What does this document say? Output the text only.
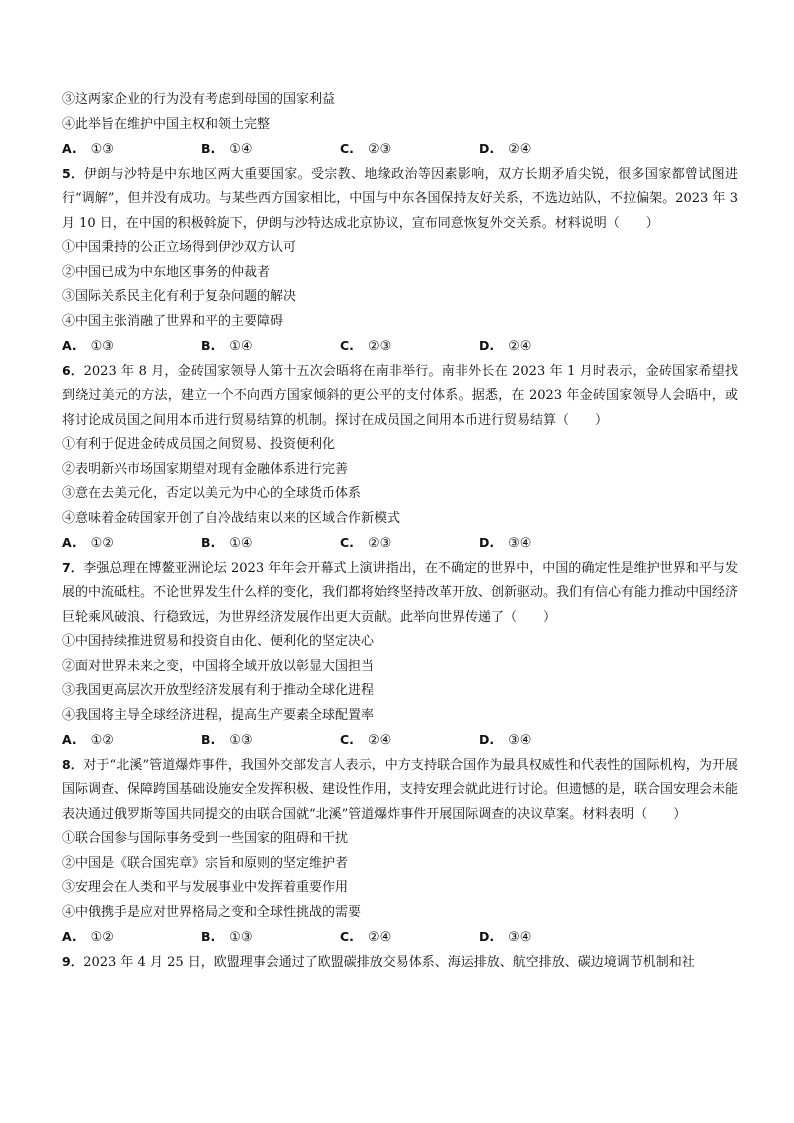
③这两家企业的行为没有考虑到母国的国家利益
④此举旨在维护中国主权和领土完整
A. ①③	B. ①④	C. ②③	D. ②④
5．伊朗与沙特是中东地区两大重要国家。受宗教、地缘政治等因素影响，双方长期矛盾尖锐，很多国家都曾试图进行“调解”，但并没有成功。与某些西方国家相比，中国与中东各国保持友好关系，不选边站队，不拉偏架。2023 年 3 月 10 日，在中国的积极斡旋下，伊朗与沙特达成北京协议，宣布同意恢复外交关系。材料说明（　　）
①中国秉持的公正立场得到伊沙双方认可
②中国已成为中东地区事务的仲裁者
③国际关系民主化有利于复杂问题的解决
④中国主张消融了世界和平的主要障碍
A. ①③	B. ①④	C. ②③	D. ②④
6．2023 年 8 月，金砖国家领导人第十五次会晤将在南非举行。南非外长在 2023 年 1 月时表示，金砖国家希望找到绕过美元的方法，建立一个不向西方国家倾斜的更公平的支付体系。据悉，在 2023 年金砖国家领导人会晤中，或将讨论成员国之间用本币进行贸易结算的机制。探讨在成员国之间用本币进行贸易结算（　　）
①有利于促进金砖成员国之间贸易、投资便利化
②表明新兴市场国家期望对现有金融体系进行完善
③意在去美元化，否定以美元为中心的全球货币体系
④意味着金砖国家开创了自冷战结束以来的区域合作新模式
A. ①②	B. ①④	C. ②③	D. ③④
7．李强总理在博鳌亚洲论坛 2023 年年会开幕式上演讲指出，在不确定的世界中，中国的确定性是维护世界和平与发展的中流砥柱。不论世界发生什么样的变化，我们都将始终坚持改革开放、创新驱动。我们有信心有能力推动中国经济巨轮乘风破浪、行稳致远，为世界经济发展作出更大贡献。此举向世界传递了（　　）
①中国持续推进贸易和投资自由化、便利化的坚定决心
②面对世界未来之变，中国将全域开放以彰显大国担当
③我国更高层次开放型经济发展有利于推动全球化进程
④我国将主导全球经济进程，提高生产要素全球配置率
A. ①②	B. ①③	C. ②④	D. ③④
8．对于“北溪”管道爆炸事件，我国外交部发言人表示，中方支持联合国作为最具权威性和代表性的国际机构，为开展国际调查、保障跨国基础设施安全发挥积极、建设性作用，支持安理会就此进行讨论。但遗憾的是，联合国安理会未能表决通过俄罗斯等国共同提交的由联合国就“北溪”管道爆炸事件开展国际调查的决议草案。材料表明（　　）
①联合国参与国际事务受到一些国家的阻碍和干扰
②中国是《联合国宪章》宗旨和原则的坚定维护者
③安理会在人类和平与发展事业中发挥着重要作用
④中俄携手是应对世界格局之变和全球性挑战的需要
A. ①②	B. ①③	C. ②④	D. ③④
9．2023 年 4 月 25 日，欧盟理事会通过了欧盟碳排放交易体系、海运排放、航空排放、碳边境调节机制和社
